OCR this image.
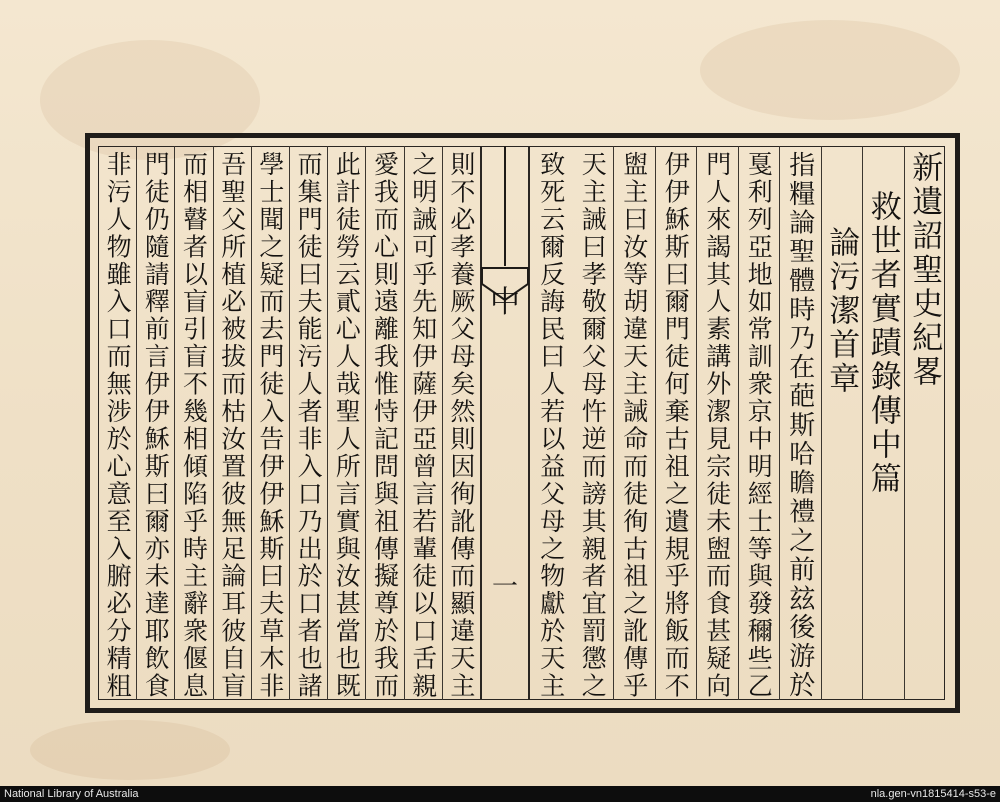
中
一
新遺詔聖史紀畧
救世者實蹟錄傳中篇
論污潔首章
指糧論聖體時乃在葩斯哈瞻禮之前玆後游於
戛利列亞地如常訓衆京中明經士等與發穪些乙
門人來謁其人素講外潔見宗徒未盥而食甚疑向
伊伊穌斯曰爾門徒何棄古祖之遺規乎將飯而不
盥主曰汝等胡違天主誡命而徒徇古祖之訛傳乎
天主誡曰孝敬爾父母忤逆而謗其親者宜罰懲之
致死云爾反誨民曰人若以益父母之物獻於天主
則不必孝養厥父母矣然則因徇訛傳而顯違天主
之明誡可乎先知伊薩伊亞曾言若輩徒以口舌親
愛我而心則遠離我惟恃記問與祖傳擬尊於我而
此計徒勞云貳心人哉聖人所言實與汝甚當也既
而集門徒曰夫能污人者非入口乃出於口者也諸
學士聞之疑而去門徒入告伊伊穌斯曰夫草木非
吾聖父所植必被拔而枯汝置彼無足論耳彼自盲
而相瞽者以盲引盲不幾相傾陷乎時主辭衆偃息
門徒仍隨請釋前言伊伊穌斯曰爾亦未達耶飲食
非污人物雖入口而無涉於心意至入腑必分精粗
National Library of Australia	nla.gen-vn1815414-s53-e
